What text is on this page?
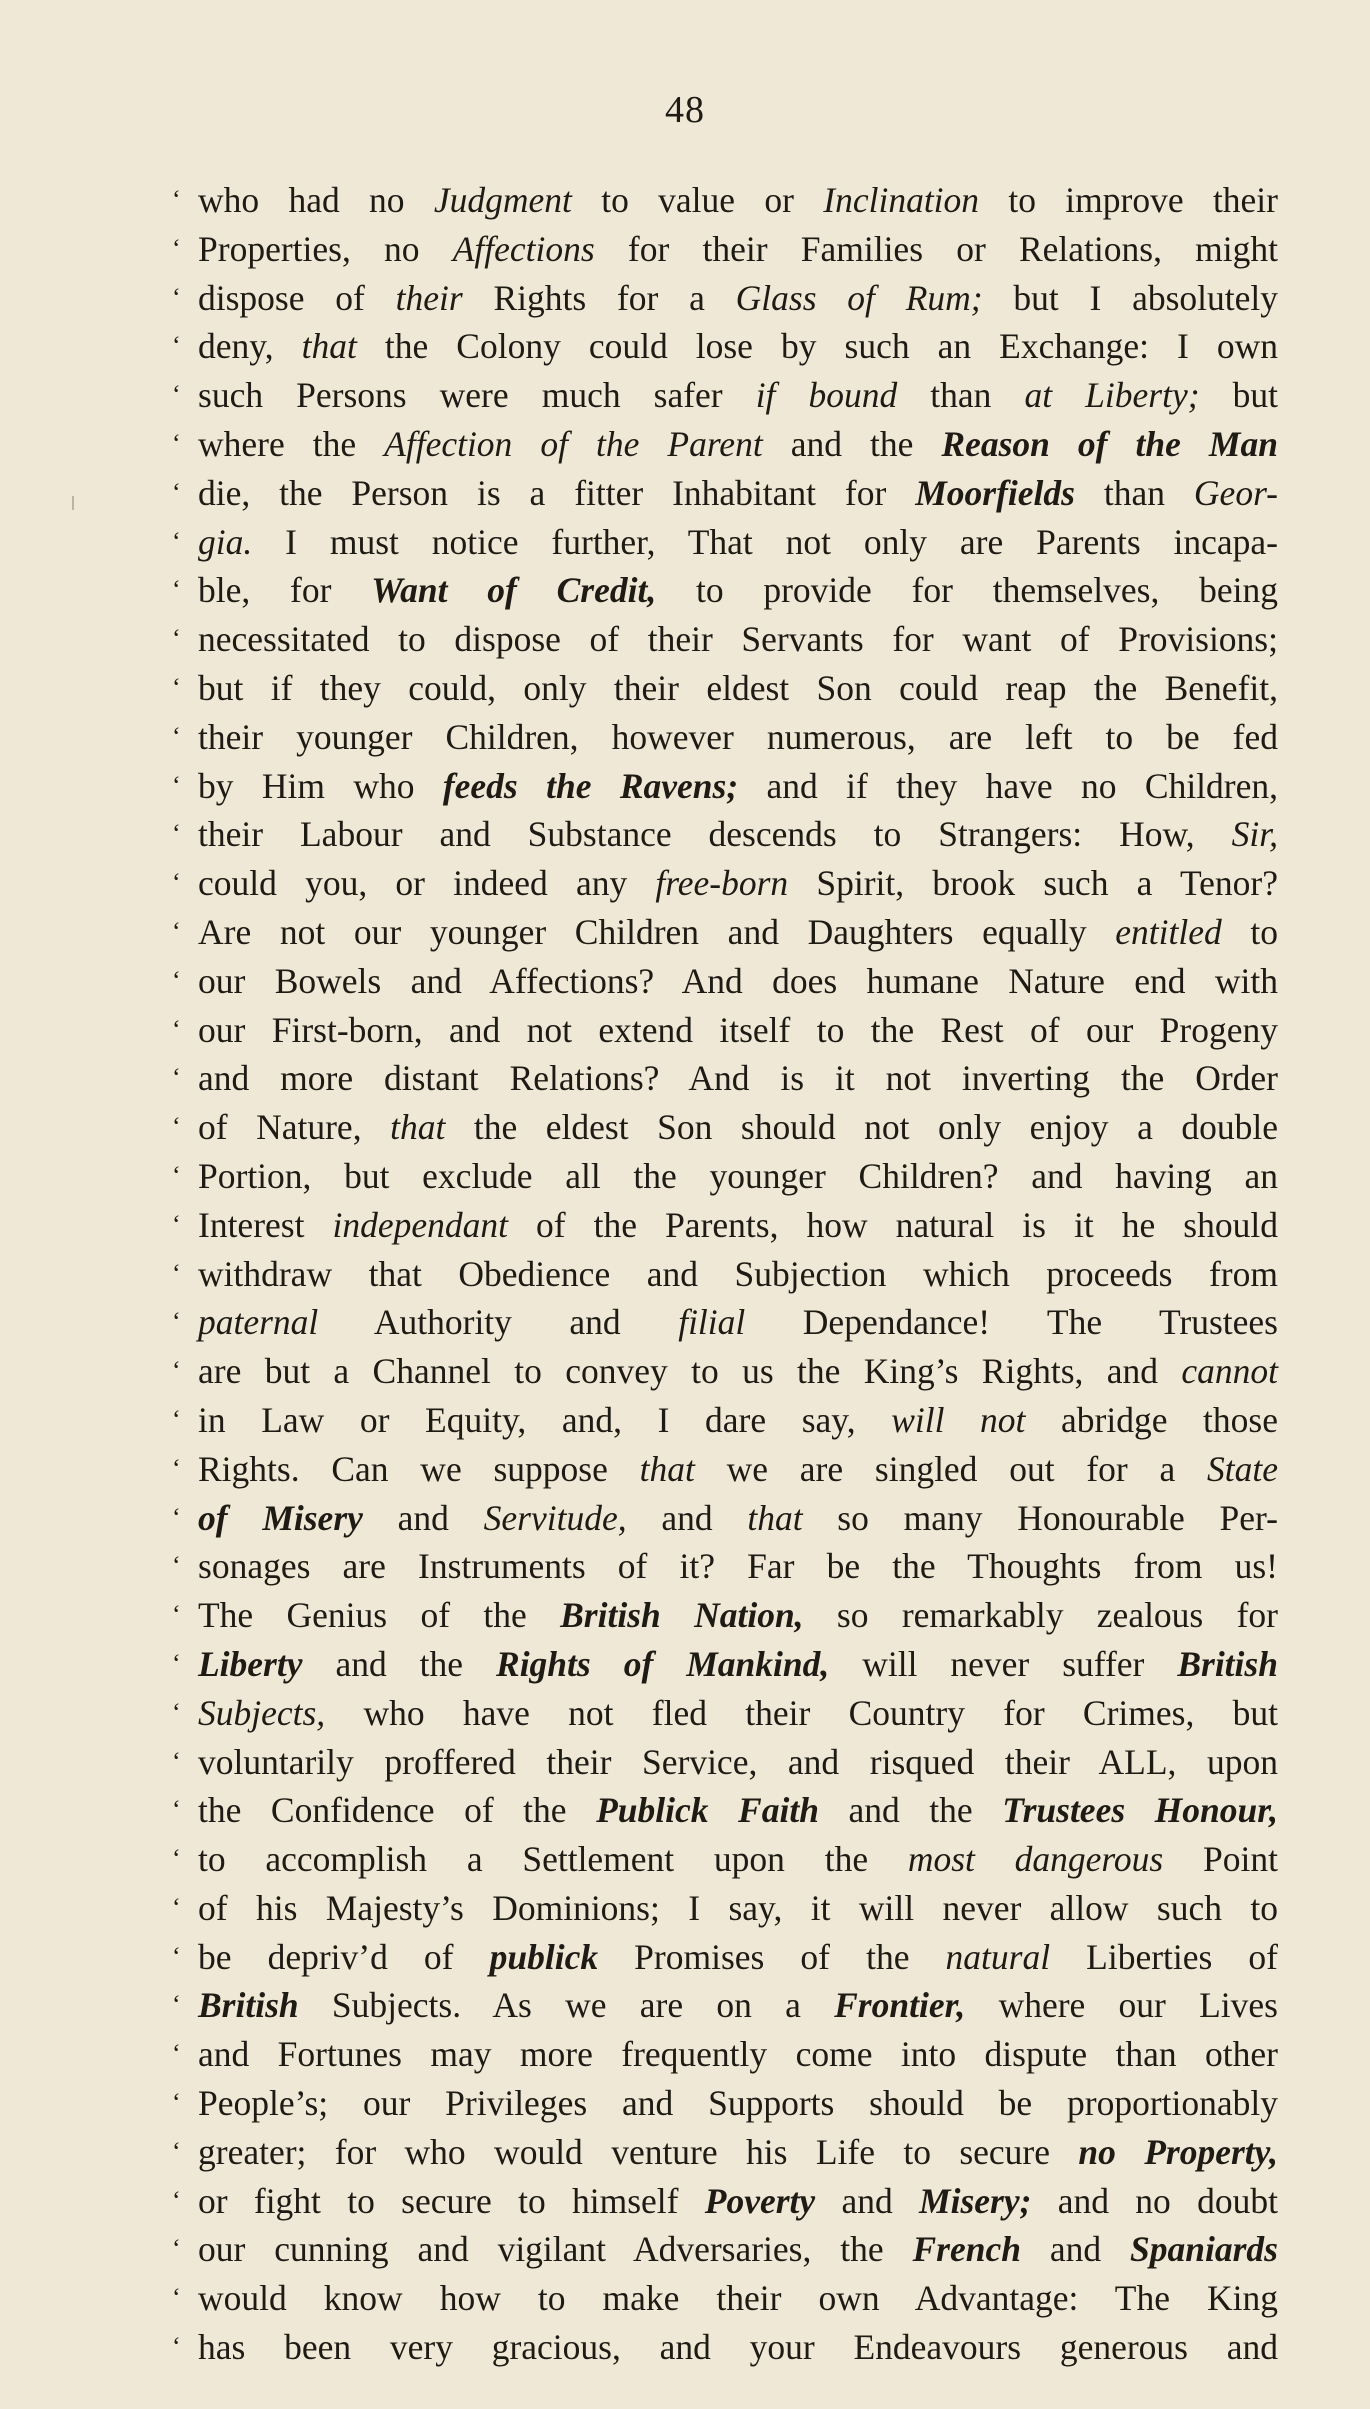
48
‘ who had no Judgment to value or Inclination to improve their
‘ Properties, no Affections for their Families or Relations, might
‘ dispose of their Rights for a Glass of Rum; but I absolutely
‘ deny, that the Colony could lose by such an Exchange: I own
‘ such Persons were much safer if bound than at Liberty; but
‘ where the Affection of the Parent and the Reason of the Man
‘ die, the Person is a fitter Inhabitant for Moorfields than Geor-
‘ gia. I must notice further, That not only are Parents incapa-
‘ ble, for Want of Credit, to provide for themselves, being
‘ necessitated to dispose of their Servants for want of Provisions;
‘ but if they could, only their eldest Son could reap the Benefit,
‘ their younger Children, however numerous, are left to be fed
‘ by Him who feeds the Ravens; and if they have no Children,
‘ their Labour and Substance descends to Strangers: How, Sir,
‘ could you, or indeed any free-born Spirit, brook such a Tenor?
‘ Are not our younger Children and Daughters equally entitled to
‘ our Bowels and Affections? And does humane Nature end with
‘ our First-born, and not extend itself to the Rest of our Progeny
‘ and more distant Relations? And is it not inverting the Order
‘ of Nature, that the eldest Son should not only enjoy a double
‘ Portion, but exclude all the younger Children? and having an
‘ Interest independant of the Parents, how natural is it he should
‘ withdraw that Obedience and Subjection which proceeds from
‘ paternal Authority and filial Dependance! The Trustees
‘ are but a Channel to convey to us the King’s Rights, and cannot
‘ in Law or Equity, and, I dare say, will not abridge those
‘ Rights. Can we suppose that we are singled out for a State
‘ of Misery and Servitude, and that so many Honourable Per-
‘ sonages are Instruments of it? Far be the Thoughts from us!
‘ The Genius of the British Nation, so remarkably zealous for
‘ Liberty and the Rights of Mankind, will never suffer British
‘ Subjects, who have not fled their Country for Crimes, but
‘ voluntarily proffered their Service, and risqued their ALL, upon
‘ the Confidence of the Publick Faith and the Trustees Honour,
‘ to accomplish a Settlement upon the most dangerous Point
‘ of his Majesty’s Dominions; I say, it will never allow such to
‘ be depriv’d of publick Promises of the natural Liberties of
‘ British Subjects. As we are on a Frontier, where our Lives
‘ and Fortunes may more frequently come into dispute than other
‘ People’s; our Privileges and Supports should be proportionably
‘ greater; for who would venture his Life to secure no Property,
‘ or fight to secure to himself Poverty and Misery; and no doubt
‘ our cunning and vigilant Adversaries, the French and Spaniards
‘ would know how to make their own Advantage: The King
‘ has been very gracious, and your Endeavours generous and
